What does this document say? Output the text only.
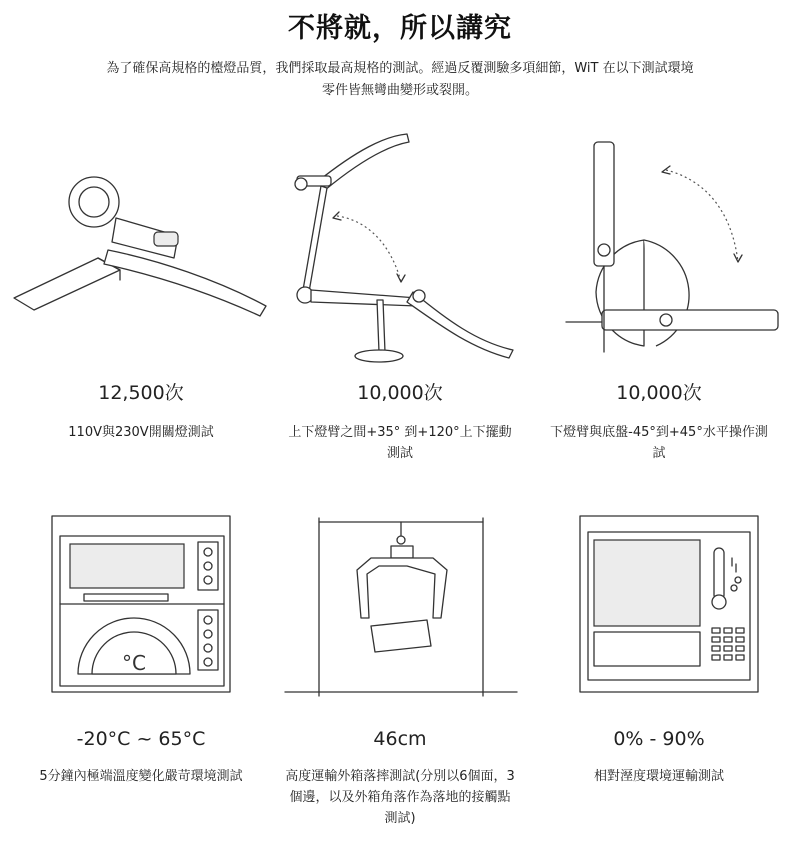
不將就，所以講究
為了確保高規格的檯燈品質，我們採取最高規格的測試。經過反覆測驗多項細節，WiT 在以下測試環境
零件皆無彎曲變形或裂開。
12,500次
110V與230V開關燈測試
10,000次
上下燈臂之間+35° 到+120°上下擺動測試
10,000次
下燈臂與底盤-45°到+45°水平操作測試
°C
-20°C ~ 65°C
5分鐘內極端溫度變化嚴苛環境測試
46cm
高度運輸外箱落摔測試(分別以6個面，3個邊，以及外箱角落作為落地的接觸點測試)
0% - 90%
相對溼度環境運輸測試
